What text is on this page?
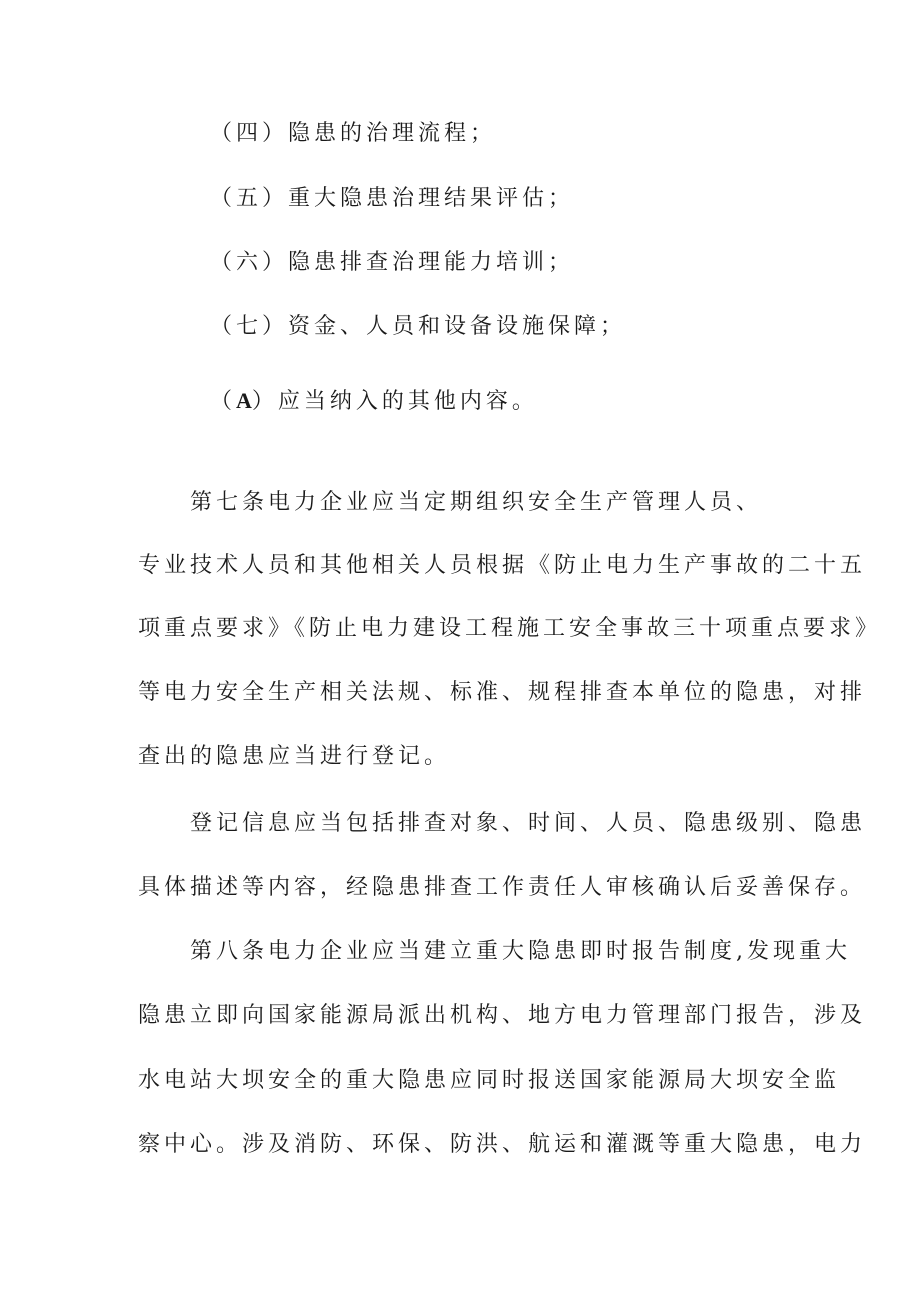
（四）隐患的治理流程；

（五）重大隐患治理结果评估；

（六）隐患排查治理能力培训；

（七）资金、人员和设备设施保障；

（A）应当纳入的其他内容。

第七条电力企业应当定期组织安全生产管理人员、

专业技术人员和其他相关人员根据《防止电力生产事故的二十五

项重点要求》《防止电力建设工程施工安全事故三十项重点要求》

等电力安全生产相关法规、标准、规程排查本单位的隐患，对排

查出的隐患应当进行登记。

登记信息应当包括排查对象、时间、人员、隐患级别、隐患

具体描述等内容，经隐患排查工作责任人审核确认后妥善保存。

第八条电力企业应当建立重大隐患即时报告制度,发现重大

隐患立即向国家能源局派出机构、地方电力管理部门报告，涉及

水电站大坝安全的重大隐患应同时报送国家能源局大坝安全监

察中心。涉及消防、环保、防洪、航运和灌溉等重大隐患，电力
